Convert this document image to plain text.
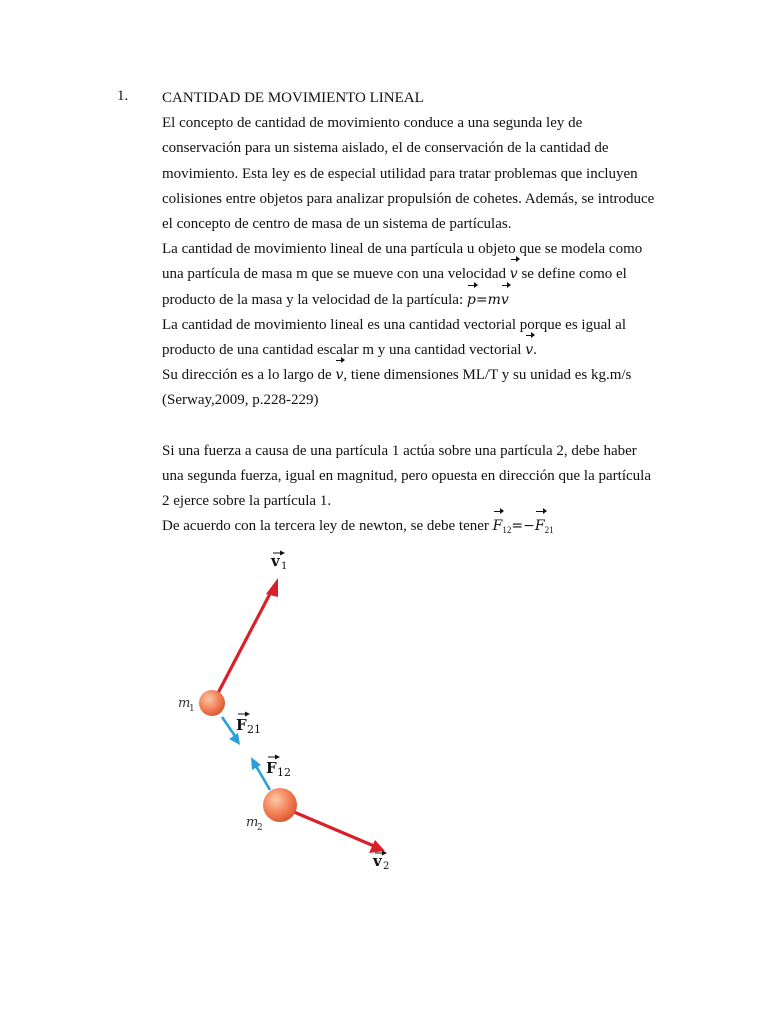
1. CANTIDAD DE MOVIMIENTO LINEAL
El concepto de cantidad de movimiento conduce a una segunda ley de
conservación para un sistema aislado, el de conservación de la cantidad de
movimiento. Esta ley es de especial utilidad para tratar problemas que incluyen
colisiones entre objetos para analizar propulsión de cohetes. Además, se introduce
el concepto de centro de masa de un sistema de partículas.
La cantidad de movimiento lineal de una partícula u objeto que se modela como
una partícula de masa m que se mueve con una velocidad v se define como el
producto de la masa y la velocidad de la partícula: p=mv
La cantidad de movimiento lineal es una cantidad vectorial porque es igual al
producto de una cantidad escalar m y una cantidad vectorial v.
Su dirección es a lo largo de v, tiene dimensiones ML/T y su unidad es kg.m/s
(Serway,2009, p.228-229)
Si una fuerza a causa de una partícula 1 actúa sobre una partícula 2, debe haber
una segunda fuerza, igual en magnitud, pero opuesta en dirección que la partícula
2 ejerce sobre la partícula 1.
De acuerdo con la tercera ley de newton, se debe tener $F_{12}=-F_{21}$
v 1
m
1
F 21
F 12
m
2
v 2
